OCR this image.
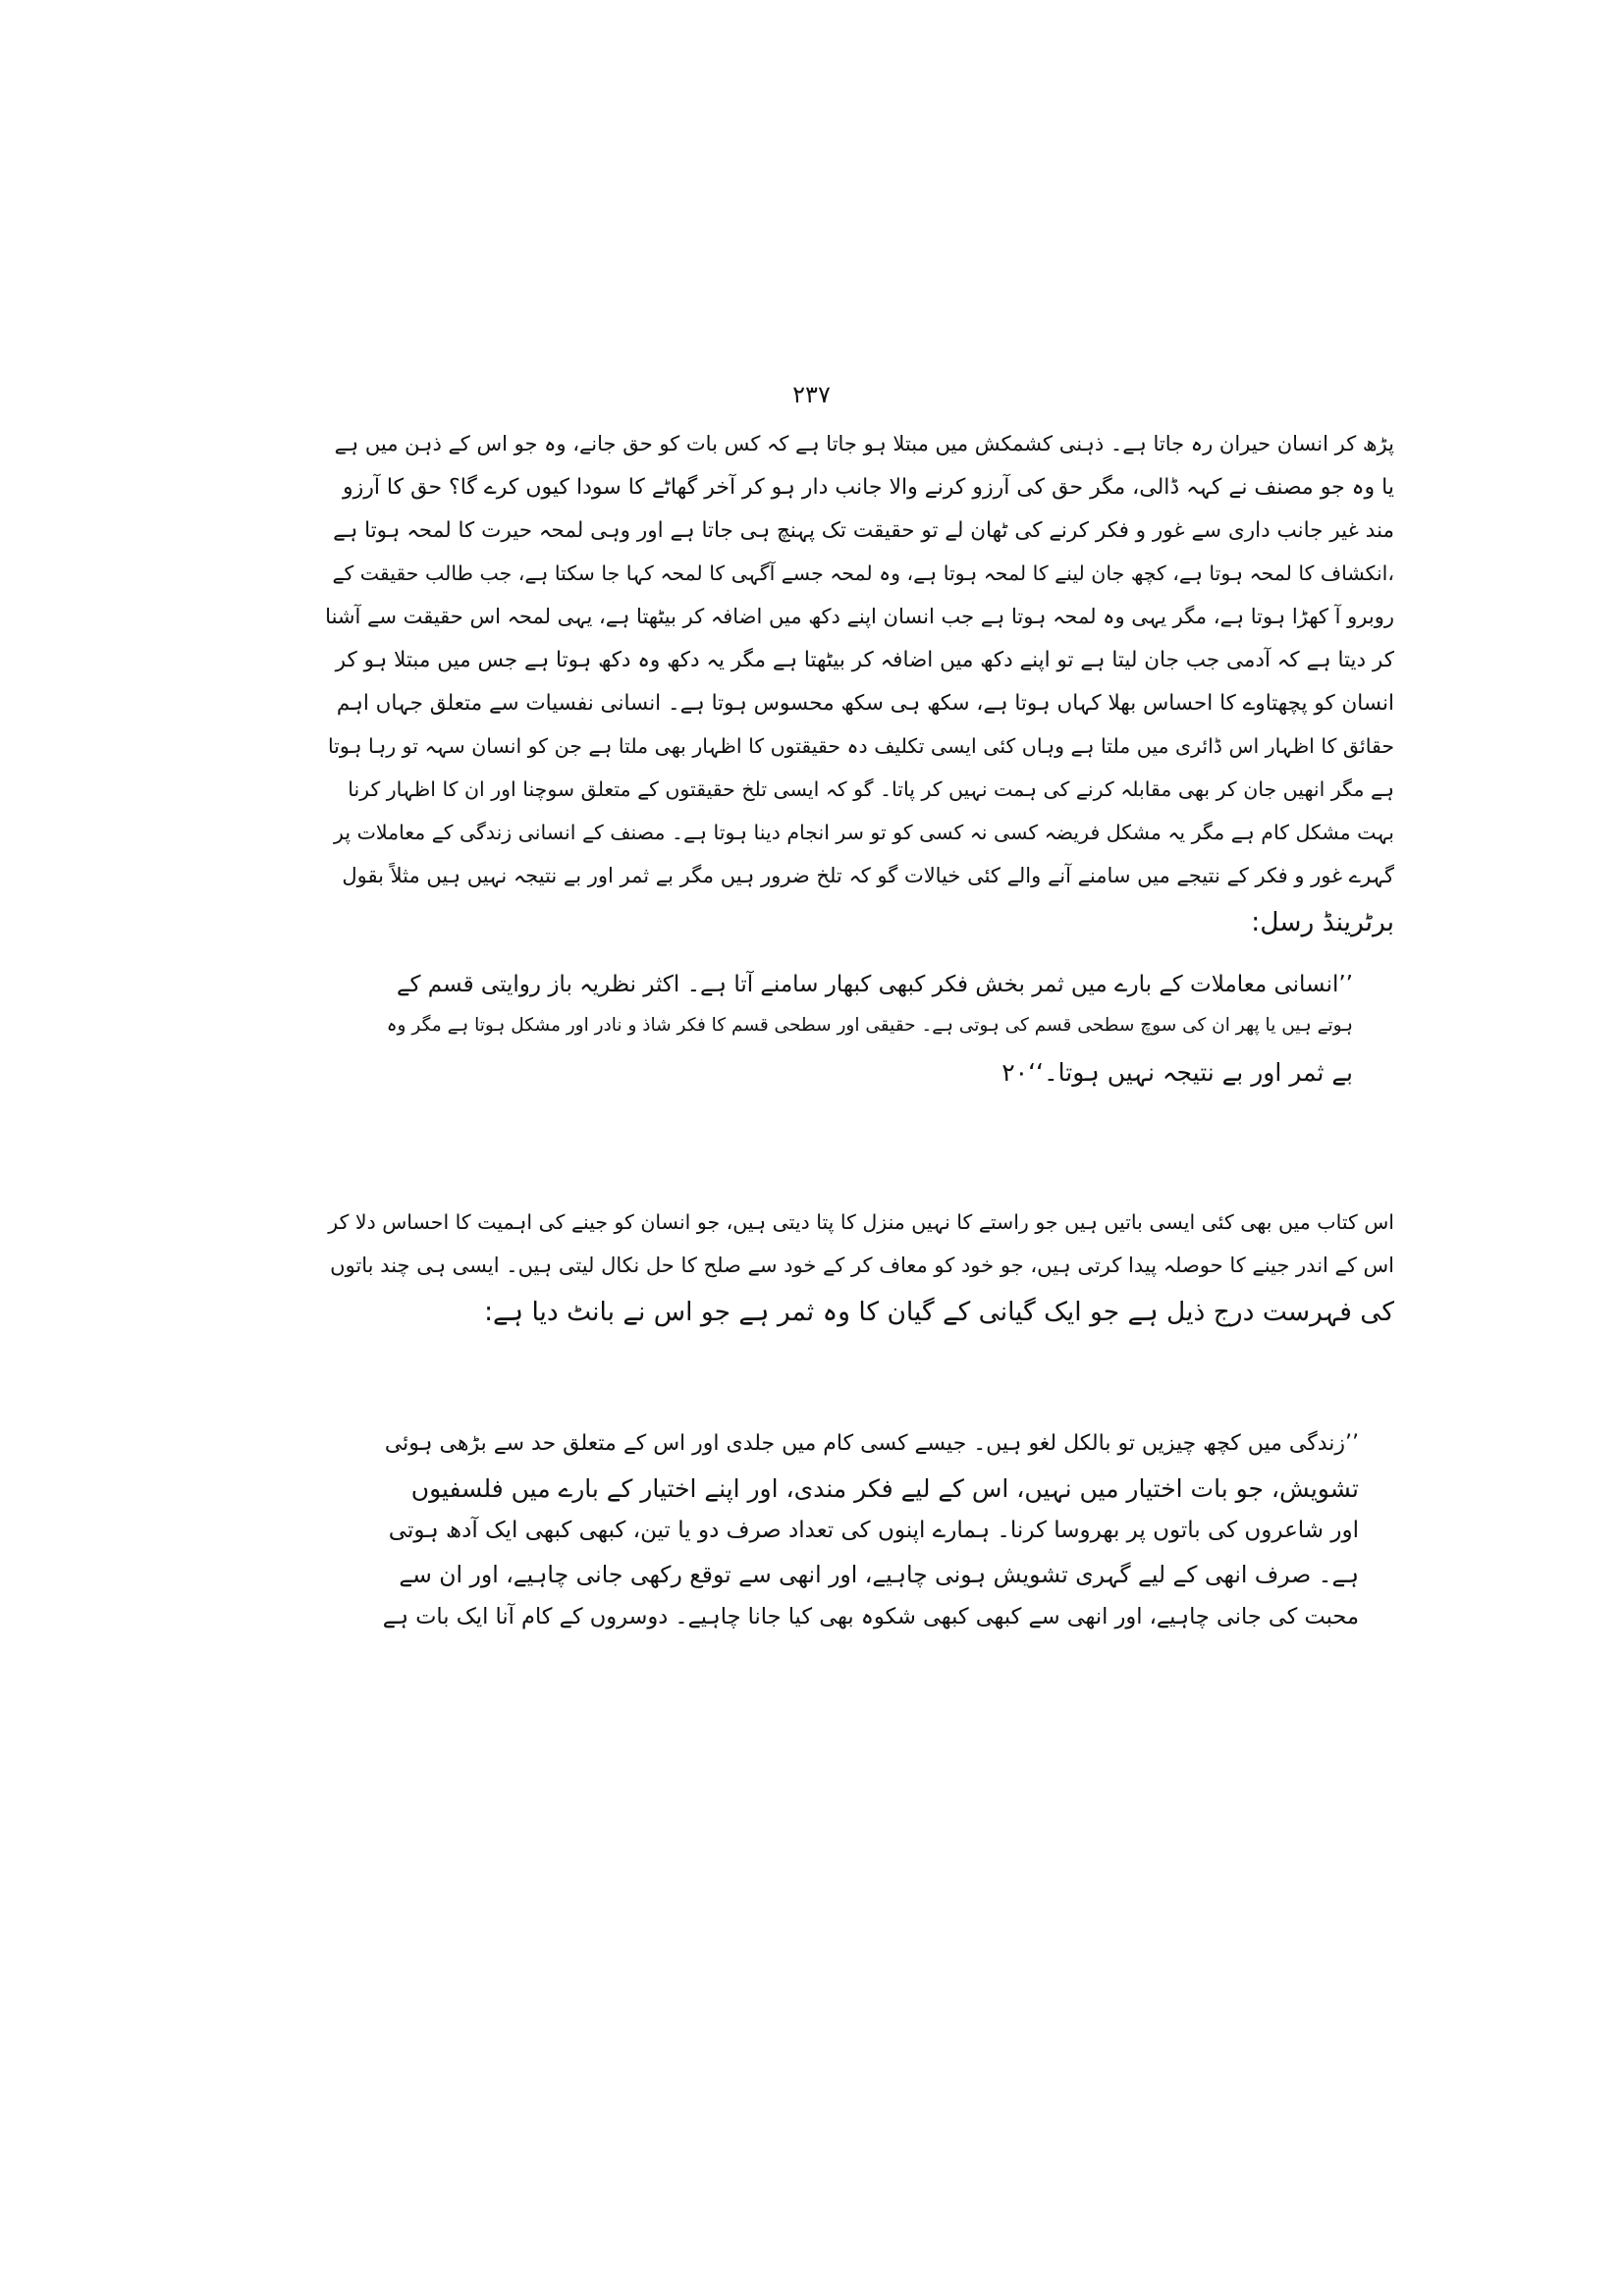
۲۳۷
پڑھ کر انسان حیران رہ جاتا ہے۔ ذہنی کشمکش میں مبتلا ہو جاتا ہے کہ کس بات کو حق جانے، وہ جو اس کے ذہن میں ہے
یا وہ جو مصنف نے کہہ ڈالی، مگر حق کی آرزو کرنے والا جانب دار ہو کر آخر گھاٹے کا سودا کیوں کرے گا؟ حق کا آرزو
مند غیر جانب داری سے غور و فکر کرنے کی ٹھان لے تو حقیقت تک پہنچ ہی جاتا ہے اور وہی لمحہ حیرت کا لمحہ ہوتا ہے
،انکشاف کا لمحہ ہوتا ہے، کچھ جان لینے کا لمحہ ہوتا ہے، وہ لمحہ جسے آگہی کا لمحہ کہا جا سکتا ہے، جب طالب حقیقت کے
روبرو آ کھڑا ہوتا ہے، مگر یہی وہ لمحہ ہوتا ہے جب انسان اپنے دکھ میں اضافہ کر بیٹھتا ہے، یہی لمحہ اس حقیقت سے آشنا
کر دیتا ہے کہ آدمی جب جان لیتا ہے تو اپنے دکھ میں اضافہ کر بیٹھتا ہے مگر یہ دکھ وہ دکھ ہوتا ہے جس میں مبتلا ہو کر
انسان کو پچھتاوے کا احساس بھلا کہاں ہوتا ہے، سکھ ہی سکھ محسوس ہوتا ہے۔ انسانی نفسیات سے متعلق جہاں اہم
حقائق کا اظہار اس ڈائری میں ملتا ہے وہاں کئی ایسی تکلیف دہ حقیقتوں کا اظہار بھی ملتا ہے جن کو انسان سہہ تو رہا ہوتا
ہے مگر انھیں جان کر بھی مقابلہ کرنے کی ہمت نہیں کر پاتا۔ گو کہ ایسی تلخ حقیقتوں کے متعلق سوچنا اور ان کا اظہار کرنا
بہت مشکل کام ہے مگر یہ مشکل فریضہ کسی نہ کسی کو تو سر انجام دینا ہوتا ہے۔ مصنف کے انسانی زندگی کے معاملات پر
گہرے غور و فکر کے نتیجے میں سامنے آنے والے کئی خیالات گو کہ تلخ ضرور ہیں مگر بے ثمر اور بے نتیجہ نہیں ہیں مثلاً بقول
برٹرینڈ رسل:
’’انسانی معاملات کے بارے میں ثمر بخش فکر کبھی کبھار سامنے آتا ہے۔ اکثر نظریہ باز روایتی قسم کے
ہوتے ہیں یا پھر ان کی سوچ سطحی قسم کی ہوتی ہے۔ حقیقی اور سطحی قسم کا فکر شاذ و نادر اور مشکل ہوتا ہے مگر وہ
بے ثمر اور بے نتیجہ نہیں ہوتا۔‘‘۲۰
اس کتاب میں بھی کئی ایسی باتیں ہیں جو راستے کا نہیں منزل کا پتا دیتی ہیں، جو انسان کو جینے کی اہمیت کا احساس دلا کر
اس کے اندر جینے کا حوصلہ پیدا کرتی ہیں، جو خود کو معاف کر کے خود سے صلح کا حل نکال لیتی ہیں۔ ایسی ہی چند باتوں
کی فہرست درج ذیل ہے جو ایک گیانی کے گیان کا وہ ثمر ہے جو اس نے بانٹ دیا ہے:
’’زندگی میں کچھ چیزیں تو بالکل لغو ہیں۔ جیسے کسی کام میں جلدی اور اس کے متعلق حد سے بڑھی ہوئی
تشویش، جو بات اختیار میں نہیں، اس کے لیے فکر مندی، اور اپنے اختیار کے بارے میں فلسفیوں
اور شاعروں کی باتوں پر بھروسا کرنا۔ ہمارے اپنوں کی تعداد صرف دو یا تین، کبھی کبھی ایک آدھ ہوتی
ہے۔ صرف انھی کے لیے گہری تشویش ہونی چاہیے، اور انھی سے توقع رکھی جانی چاہیے، اور ان سے
محبت کی جانی چاہیے، اور انھی سے کبھی کبھی شکوہ بھی کیا جانا چاہیے۔ دوسروں کے کام آنا ایک بات ہے
